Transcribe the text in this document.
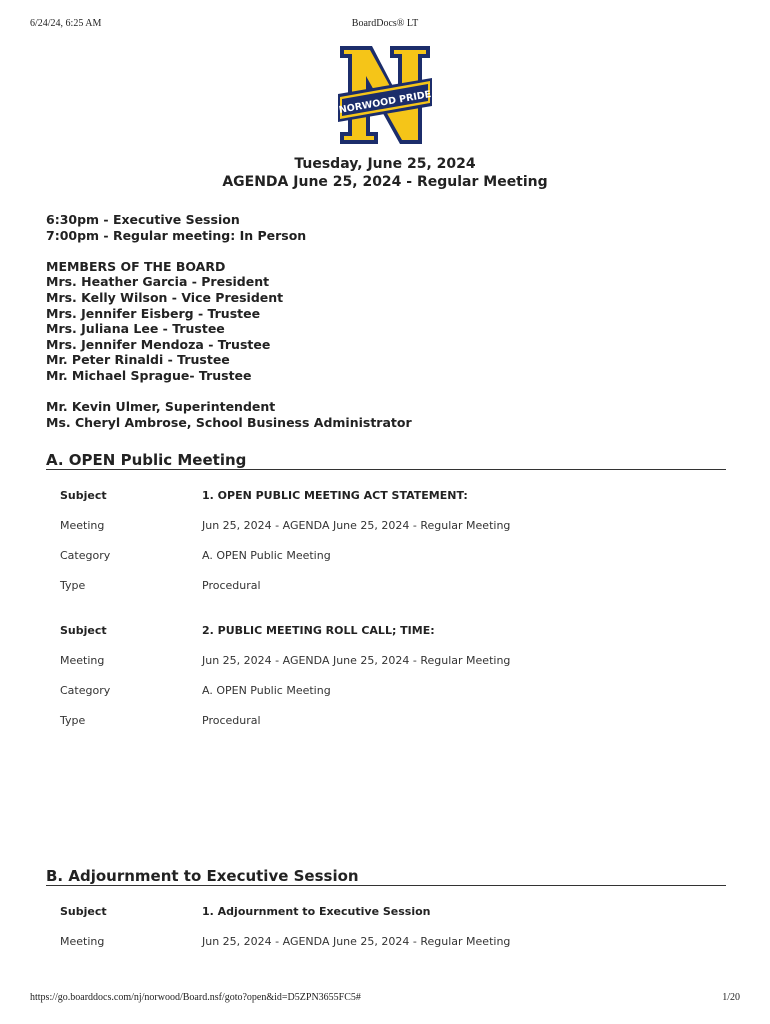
6/24/24, 6:25 AM	BoardDocs® LT
NORWOOD PRIDE
Tuesday, June 25, 2024
AGENDA June 25, 2024 - Regular Meeting
6:30pm - Executive Session
7:00pm - Regular meeting: In Person
MEMBERS OF THE BOARD
Mrs. Heather Garcia - President
Mrs. Kelly Wilson - Vice President
Mrs. Jennifer Eisberg - Trustee
Mrs. Juliana Lee - Trustee
Mrs. Jennifer Mendoza - Trustee
Mr. Peter Rinaldi - Trustee
Mr. Michael Sprague- Trustee
Mr. Kevin Ulmer, Superintendent
Ms. Cheryl Ambrose, School Business Administrator
A. OPEN Public Meeting
Subject	1. OPEN PUBLIC MEETING ACT STATEMENT:
Meeting	Jun 25, 2024 - AGENDA June 25, 2024 - Regular Meeting
Category	A. OPEN Public Meeting
Type	Procedural
Subject	2. PUBLIC MEETING ROLL CALL; TIME:
Meeting	Jun 25, 2024 - AGENDA June 25, 2024 - Regular Meeting
Category	A. OPEN Public Meeting
Type	Procedural
B. Adjournment to Executive Session
Subject	1. Adjournment to Executive Session
Meeting	Jun 25, 2024 - AGENDA June 25, 2024 - Regular Meeting
https://go.boarddocs.com/nj/norwood/Board.nsf/goto?open&id=D5ZPN3655FC5#	1/20
